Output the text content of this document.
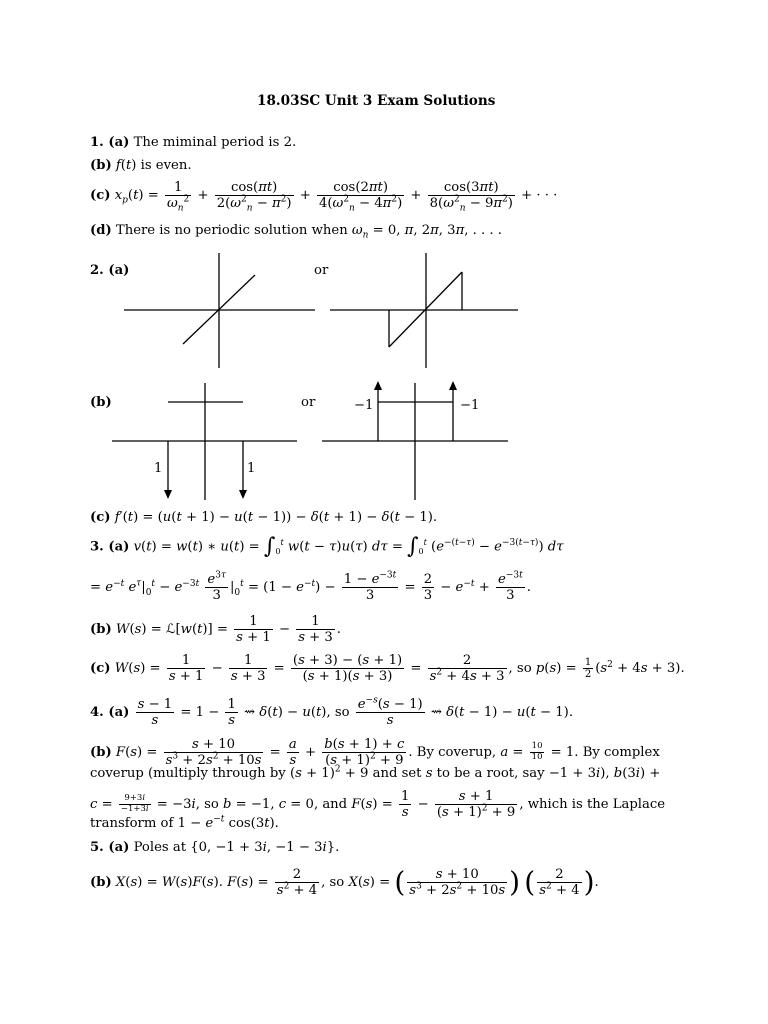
18.03SC Unit 3 Exam Solutions
1. (a) The miminal period is 2.
(b) f(t) is even.
(c) $x_p(t) = \frac{1}{\omega_n^2} + \frac{\cos(\pi t)}{2(\omega^2_n - \pi^2)} + \frac{\cos(2\pi t)}{4(\omega^2_n - 4\pi^2)} + \frac{\cos(3\pi t)}{8(\omega^2_n - 9\pi^2)}$ + · · ·
(d) There is no periodic solution when $\omega_n = 0$, π, 2π, 3π, . . . .
2. (a)	or
(b)	or
1	1
−1	−1
(c) f′(t) = (u(t + 1) − u(t − 1)) − δ(t + 1) − δ(t − 1).
3. (a) v(t) = w(t) ∗ $u(t) = \int_0^t$ w(t − τ)u(τ) $d\tau = \int_0^t$ $(e^{-(t-\tau)} - e^{-3(t-\tau)})$ dτ
= $e^{-t}$ $e^\tau|_0^t - e^{-3t} \frac{e^{3\tau}}{3} |_0^t = (1 - e^{-t}) - \frac{1 - e^{-3t}}{3} = \frac{2}{3} - e^{-t} + \frac{e^{-3t}}{3}$ .
(b) W(s) = ℒ[w(t)] = $\frac{1}{s + 1} - \frac{1}{s + 3}$ .
(c) $W(s) = \frac{1}{s + 1} - \frac{1}{s + 3} = \frac{(s + 3) - (s + 1)}{(s + 1)(s + 3)} = \frac{2}{s^2 + 4s + 3}$ , so $p(s) = \frac{1}{2} (s^2 + 4s + 3)$.
4. $(a) \frac{s - 1}{s} = 1 - \frac{1}{s}$ ⇝ δ(t) − u(t), so $\frac{e^{-s}(s - 1)}{s}$ ⇝ δ(t − 1) − u(t − 1).
(b) $F(s) = \frac{s + 10}{s^3 + 2s^2 + 10s} = \frac{a}{s} + \frac{b(s + 1) + c}{(s + 1)^2 + 9}$ . By coverup, $a = \frac{10}{10} = 1$. By complex
coverup (multiply through by $(s + 1)^2 + 9$ and set s to be a root, say −1 + 3i), b(3i) +
$c = \frac{9+3i}{-1+3i} = -3i$, so b = −1, c = 0, and $F(s) = \frac{1}{s} - \frac{s + 1}{(s + 1)^2 + 9}$ , which is the Laplace
transform of $1 - e^{-t}$ cos(3t).
5. (a) Poles at {0, −1 + 3i, −1 − 3i}.
(b) X(s) = W(s)F(s). $F(s) = \frac{2}{s^2 + 4}$ , so X(s) = ( $\frac{s + 10}{s^3 + 2s^2 + 10s}$ ) ( $\frac{2}{s^2 + 4}$ ).
